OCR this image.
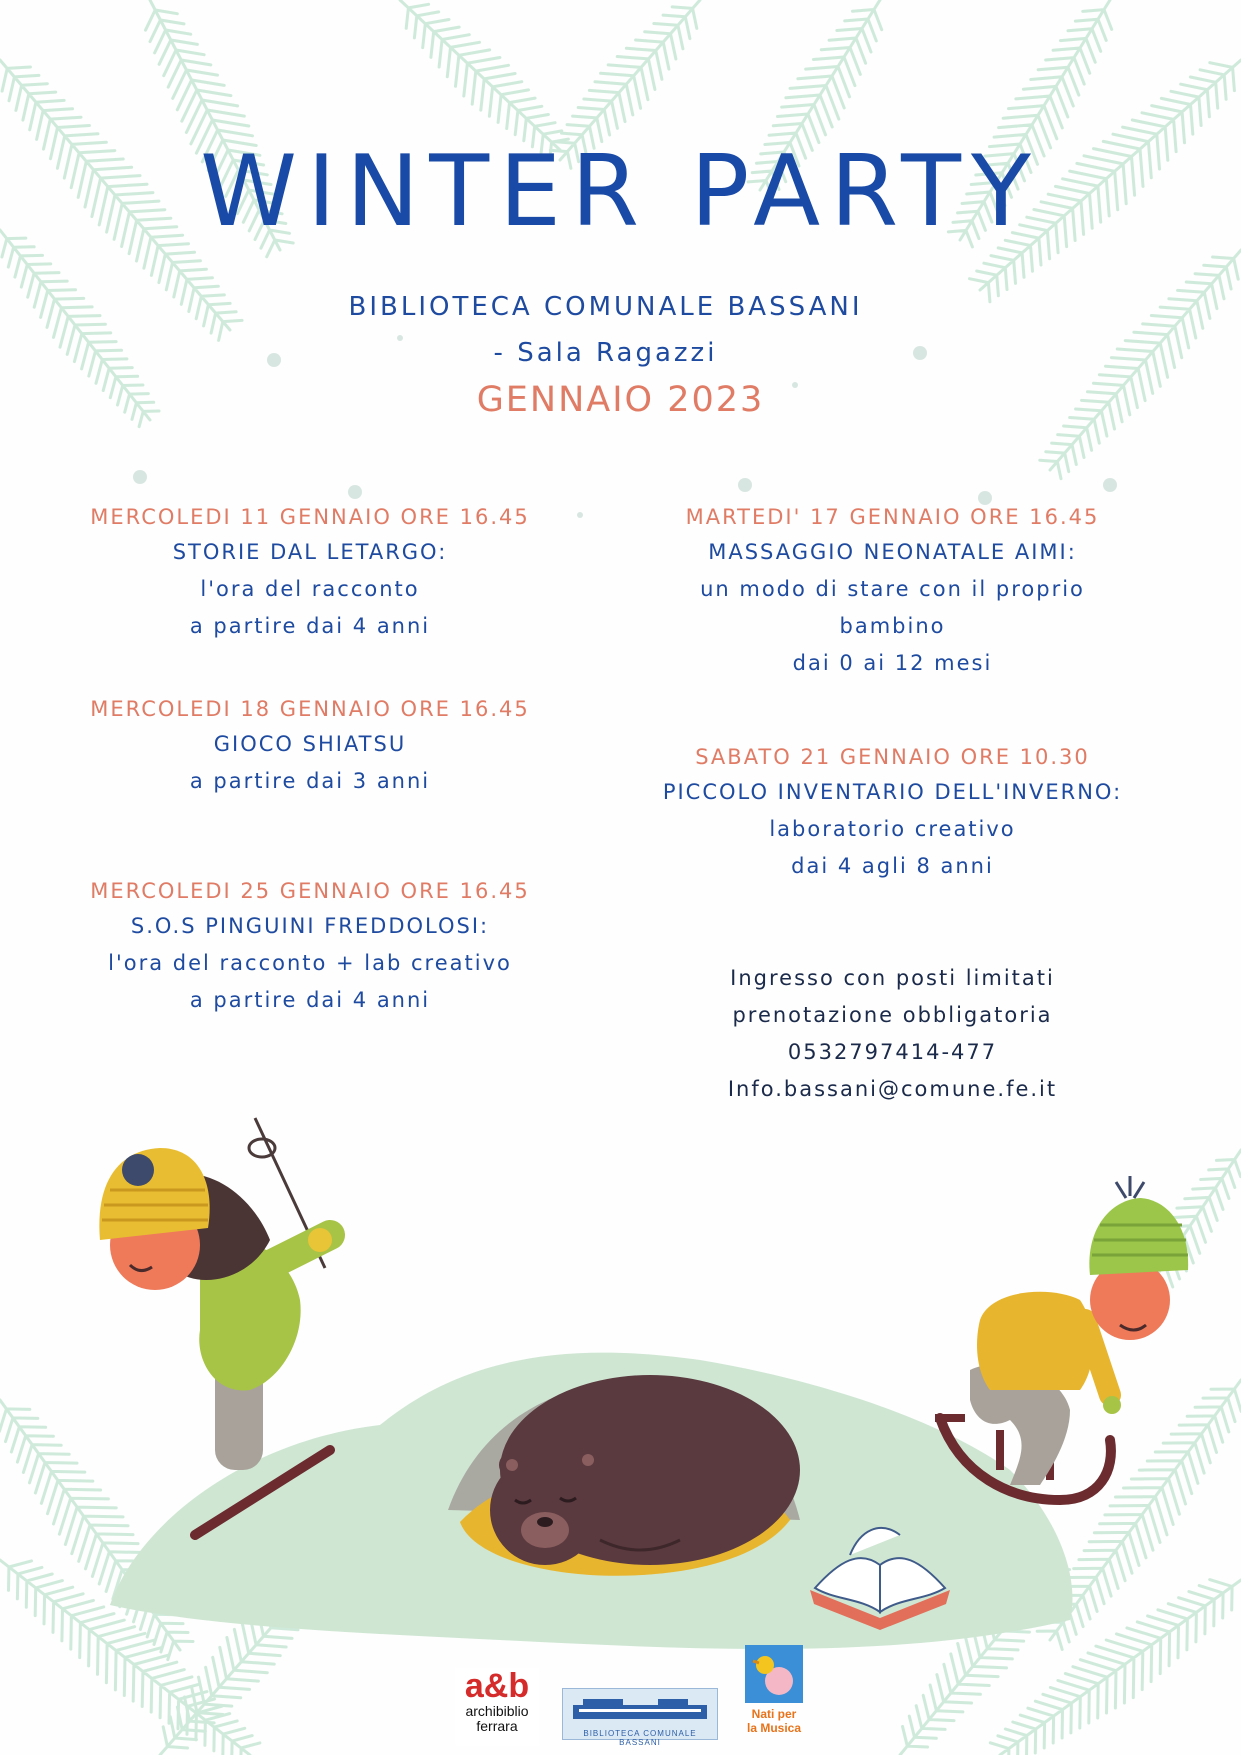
WINTER PARTY
BIBLIOTECA COMUNALE BASSANI
- Sala Ragazzi
GENNAIO 2023
MERCOLEDI 11 GENNAIO ORE 16.45
STORIE DAL LETARGO:
l'ora del racconto
a partire dai 4 anni
MERCOLEDI 18 GENNAIO ORE 16.45
GIOCO SHIATSU
a partire dai 3 anni
MERCOLEDI 25 GENNAIO ORE 16.45
S.O.S PINGUINI FREDDOLOSI:
l'ora del racconto + lab creativo
a partire dai 4 anni
MARTEDI' 17 GENNAIO ORE 16.45
MASSAGGIO NEONATALE AIMI:
un modo di stare con il proprio
bambino
dai 0 ai 12 mesi
SABATO 21 GENNAIO ORE 10.30
PICCOLO INVENTARIO DELL'INVERNO:
laboratorio creativo
dai 4 agli 8 anni
Ingresso con posti limitati
prenotazione obbligatoria
0532797414-477
Info.bassani@comune.fe.it
a&b
archibiblio
ferrara	BIBLIOTECA COMUNALE BASSANI
Nati per
la Musica
